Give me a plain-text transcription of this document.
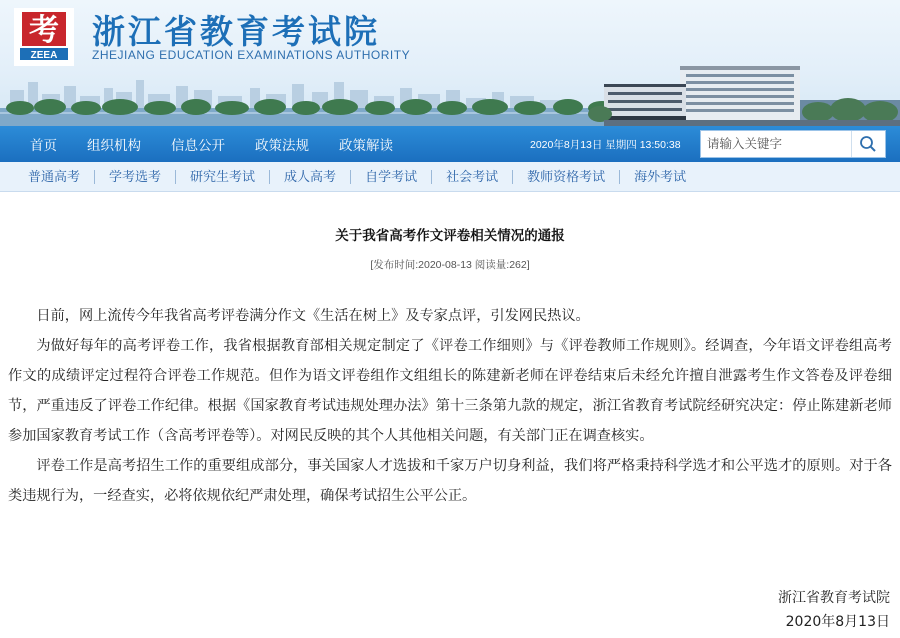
考
ZEEA
浙江省教育考试院
ZHEJIANG EDUCATION EXAMINATIONS AUTHORITY
首页	组织机构	信息公开	政策法规	政策解读	2020年8月13日 星期四 13:50:38
请输入关键字
普通高考	学考选考	研究生考试	成人高考	自学考试	社会考试	教师资格考试	海外考试
关于我省高考作文评卷相关情况的通报
[发布时间:2020-08-13 阅读量:262]

日前，网上流传今年我省高考评卷满分作文《生活在树上》及专家点评，引发网民热议。

为做好每年的高考评卷工作，我省根据教育部相关规定制定了《评卷工作细则》与《评卷教师工作规则》。经调查，今年语文评卷组高考作文的成绩评定过程符合评卷工作规范。但作为语文评卷组作文组组长的陈建新老师在评卷结束后未经允许擅自泄露考生作文答卷及评卷细节，严重违反了评卷工作纪律。根据《国家教育考试违规处理办法》第十三条第九款的规定，浙江省教育考试院经研究决定：停止陈建新老师参加国家教育考试工作（含高考评卷等）。对网民反映的其个人其他相关问题，有关部门正在调查核实。

评卷工作是高考招生工作的重要组成部分，事关国家人才选拔和千家万户切身利益，我们将严格秉持科学选才和公平选才的原则。对于各类违规行为，一经查实，必将依规依纪严肃处理，确保考试招生公平公正。

浙江省教育考试院
2020年8月13日
